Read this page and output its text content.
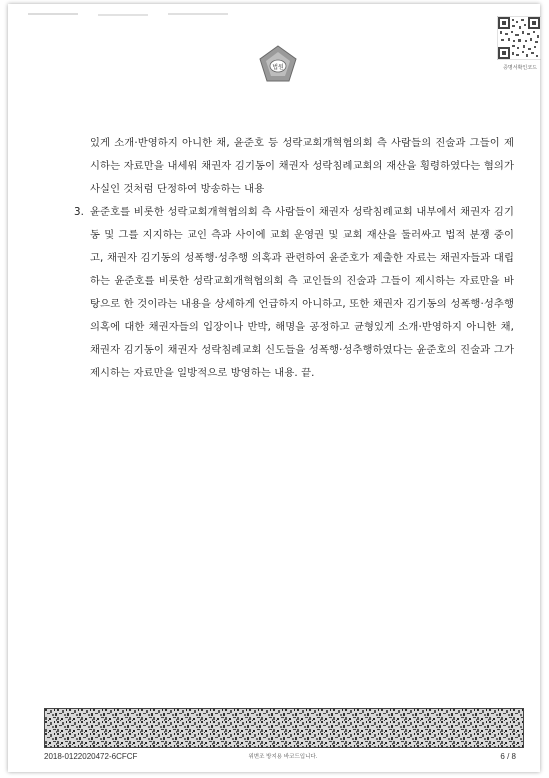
법원	증명서확인코드

있게 소개·반영하지 아니한 채, 윤준호 등 성락교회개혁협의회 측 사람들의 진술과 그들이 제시하는 자료만을 내세워 채권자 김기동이 채권자 성락침례교회의 재산을 횡령하였다는 혐의가 사실인 것처럼 단정하여 방송하는 내용

3. 윤준호를 비롯한 성락교회개혁협의회 측 사람들이 채권자 성락침례교회 내부에서 채권자 김기동 및 그를 지지하는 교인 측과 사이에 교회 운영권 및 교회 재산을 둘러싸고 법적 분쟁 중이고, 채권자 김기동의 성폭행·성추행 의혹과 관련하여 윤준호가 제출한 자료는 채권자들과 대립하는 윤준호를 비롯한 성락교회개혁협의회 측 교인들의 진술과 그들이 제시하는 자료만을 바탕으로 한 것이라는 내용을 상세하게 언급하지 아니하고, 또한 채권자 김기동의 성폭행·성추행 의혹에 대한 채권자들의 입장이나 반박, 해명을 공정하고 균형있게 소개·반영하지 아니한 채, 채권자 김기동이 채권자 성락침례교회 신도들을 성폭행·성추행하였다는 윤준호의 진술과 그가 제시하는 자료만을 일방적으로 방영하는 내용. 끝.

2018-0122020472-6CFCF	위변조 방지용 바코드입니다.	6 / 8
